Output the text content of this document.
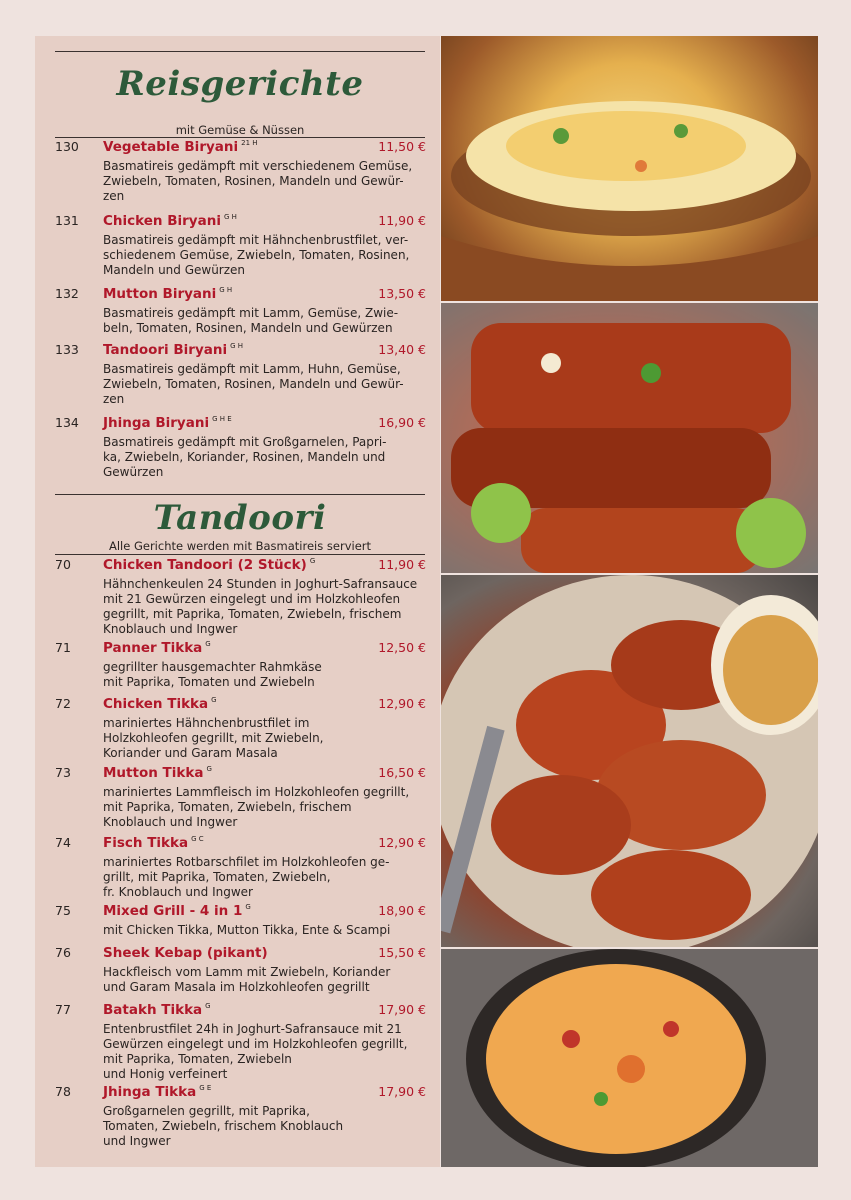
Reisgerichte
mit Gemüse & Nüssen
130 Vegetable Biryani $^{21 H}$	11,50 €
Basmatireis gedämpft mit verschiedenem Gemüse,
Zwiebeln, Tomaten, Rosinen, Mandeln und Gewür-
zen
131 Chicken Biryani $^{G H}$	11,90 €
Basmatireis gedämpft mit Hähnchenbrustfilet, ver-
schiedenem Gemüse, Zwiebeln, Tomaten, Rosinen,
Mandeln und Gewürzen
132 Mutton Biryani $^{G H}$	13,50 €
Basmatireis gedämpft mit Lamm, Gemüse, Zwie-
beln, Tomaten, Rosinen, Mandeln und Gewürzen
133 Tandoori Biryani $^{G H}$	13,40 €
Basmatireis gedämpft mit Lamm, Huhn, Gemüse,
Zwiebeln, Tomaten, Rosinen, Mandeln und Gewür-
zen
134 Jhinga Biryani $^{G H E}$	16,90 €
Basmatireis gedämpft mit Großgarnelen, Papri-
ka, Zwiebeln, Koriander, Rosinen, Mandeln und
Gewürzen
Tandoori
Alle Gerichte werden mit Basmatireis serviert
70 Chicken Tandoori (2 Stück) $^G$	11,90 €
Hähnchenkeulen 24 Stunden in Joghurt-Safransauce
mit 21 Gewürzen eingelegt und im Holzkohleofen
gegrillt, mit Paprika, Tomaten, Zwiebeln, frischem
Knoblauch und Ingwer
71 Panner Tikka $^G$	12,50 €
gegrillter hausgemachter Rahmkäse
mit Paprika, Tomaten und Zwiebeln
72 Chicken Tikka $^G$	12,90 €
mariniertes Hähnchenbrustfilet im
Holzkohleofen gegrillt, mit Zwiebeln,
Koriander und Garam Masala
73 Mutton Tikka $^G$	16,50 €
mariniertes Lammfleisch im Holzkohleofen gegrillt,
mit Paprika, Tomaten, Zwiebeln, frischem
Knoblauch und Ingwer
74 Fisch Tikka $^{G C}$	12,90 €
mariniertes Rotbarschfilet im Holzkohleofen ge-
grillt, mit Paprika, Tomaten, Zwiebeln,
fr. Knoblauch und Ingwer
75 Mixed Grill - 4 in 1 $^G$	18,90 €
mit Chicken Tikka, Mutton Tikka, Ente & Scampi
76 Sheek Kebap (pikant)	15,50 €
Hackfleisch vom Lamm mit Zwiebeln, Koriander
und Garam Masala im Holzkohleofen gegrillt
77 Batakh Tikka $^G$	17,90 €
Entenbrustfilet 24h in Joghurt-Safransauce mit 21
Gewürzen eingelegt und im Holzkohleofen gegrillt,
mit Paprika, Tomaten, Zwiebeln
und Honig verfeinert
78 Jhinga Tikka $^{G E}$	17,90 €
Großgarnelen gegrillt, mit Paprika,
Tomaten, Zwiebeln, frischem Knoblauch
und Ingwer
